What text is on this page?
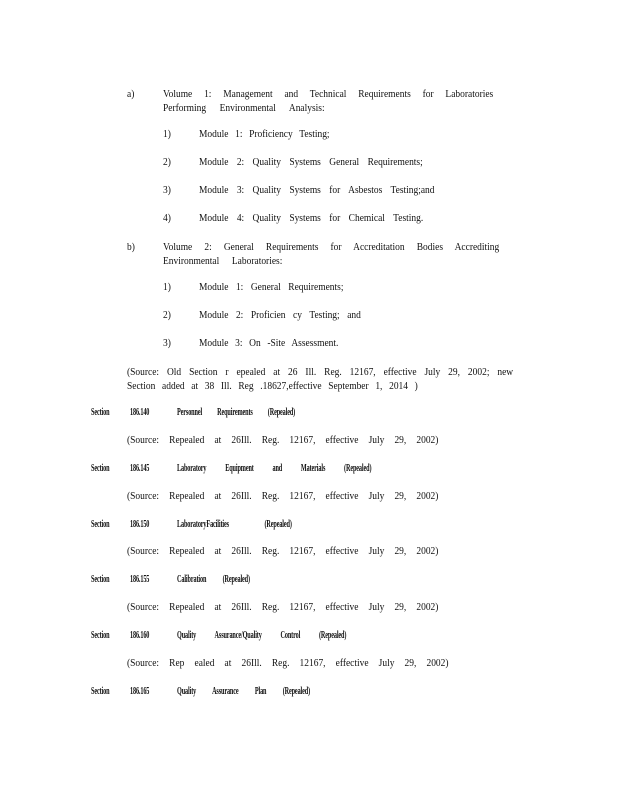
a)	Volume 1: Management and Technical Requirements for Laboratories
Performing Environmental Analysis:
1)	Module 1: Proficiency Testing;
2)	Module 2: Quality Systems General Requirements;
3)	Module 3: Quality Systems for Asbestos Testing;and
4)	Module 4: Quality Systems for Chemical Testing.
b)	Volume 2: General Requirements for Accreditation Bodies Accrediting
Environmental Laboratories:
1)	Module 1: General Requirements;
2)	Module 2: Proficien cy Testing; and
3)	Module 3: On -Site Assessment.
(Source: Old Section r epealed at 26 Ill. Reg. 12167, effective July 29, 2002; new
Section added at 38 Ill. Reg .18627,effective September 1, 2014 )
Section 186.140	Personnel Requirements (Repealed)
(Source: Repealed at 26Ill. Reg. 12167, effective July 29, 2002)
Section 186.145	Laboratory Equipment and Materials (Repealed)
(Source: Repealed at 26Ill. Reg. 12167, effective July 29, 2002)
Section 186.150	LaboratoryFacilities (Repealed)
(Source: Repealed at 26Ill. Reg. 12167, effective July 29, 2002)
Section 186.155	Calibration (Repealed)
(Source: Repealed at 26Ill. Reg. 12167, effective July 29, 2002)
Section 186.160	Quality Assurance/Quality Control (Repealed)
(Source: Rep ealed at 26Ill. Reg. 12167, effective July 29, 2002)
Section 186.165	Quality Assurance Plan (Repealed)
